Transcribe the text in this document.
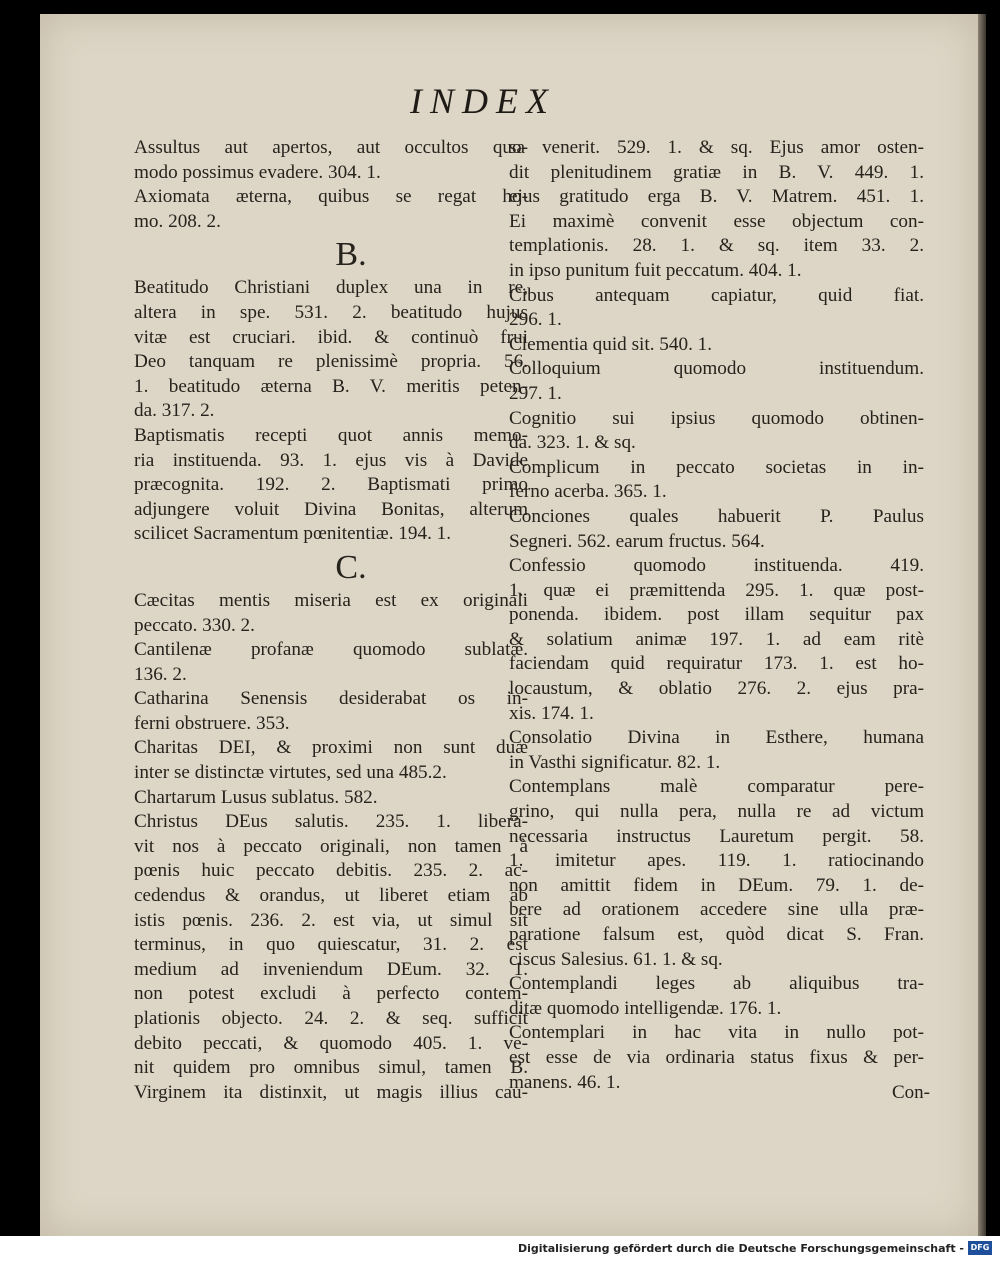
INDEX
Assultus aut apertos, aut occultos quo-
modo possimus evadere. 304. 1.
Axiomata æterna, quibus se regat ho-
mo. 208. 2.
B.
Beatitudo Christiani duplex una in re,
altera in spe. 531. 2. beatitudo hujus
vitæ est cruciari. ibid. & continuò frui
Deo tanquam re plenissimè propria. 56.
1. beatitudo æterna B. V. meritis peten-
da. 317. 2.
Baptismatis recepti quot annis memo-
ria instituenda. 93. 1. ejus vis à Davide
præcognita. 192. 2. Baptismati primo
adjungere voluit Divina Bonitas, alterum
scilicet Sacramentum pœnitentiæ. 194. 1.
C.
Cæcitas mentis miseria est ex originali
peccato. 330. 2.
Cantilenæ profanæ quomodo sublatæ.
136. 2.
Catharina Senensis desiderabat os in-
ferni obstruere. 353.
Charitas DEI, & proximi non sunt duæ
inter se distinctæ virtutes, sed una 485.2.
Chartarum Lusus sublatus. 582.
Christus DEus salutis. 235. 1. libera-
vit nos à peccato originali, non tamen à
pœnis huic peccato debitis. 235. 2. ac-
cedendus & orandus, ut liberet etiam ab
istis pœnis. 236. 2. est via, ut simul sit
terminus, in quo quiescatur, 31. 2. est
medium ad inveniendum DEum. 32. 1.
non potest excludi à perfecto contem-
plationis objecto. 24. 2. & seq. sufficit
debito peccati, & quomodo 405. 1. ve-
nit quidem pro omnibus simul, tamen B.
Virginem ita distinxit, ut magis illius cau-
sa venerit. 529. 1. & sq. Ejus amor osten-
dit plenitudinem gratiæ in B. V. 449. 1.
ejus gratitudo erga B. V. Matrem. 451. 1.
Ei maximè convenit esse objectum con-
templationis. 28. 1. & sq. item 33. 2.
in ipso punitum fuit peccatum. 404. 1.
Cibus antequam capiatur, quid fiat.
296. 1.
Clementia quid sit. 540. 1.
Colloquium quomodo instituendum.
297. 1.
Cognitio sui ipsius quomodo obtinen-
da. 323. 1. & sq.
Complicum in peccato societas in in-
ferno acerba. 365. 1.
Conciones quales habuerit P. Paulus
Segneri. 562. earum fructus. 564.
Confessio quomodo instituenda. 419.
1. quæ ei præmittenda 295. 1. quæ post-
ponenda. ibidem. post illam sequitur pax
& solatium animæ 197. 1. ad eam ritè
faciendam quid requiratur 173. 1. est ho-
locaustum, & oblatio 276. 2. ejus pra-
xis. 174. 1.
Consolatio Divina in Esthere, humana
in Vasthi significatur. 82. 1.
Contemplans malè comparatur pere-
grino, qui nulla pera, nulla re ad victum
necessaria instructus Lauretum pergit. 58.
1. imitetur apes. 119. 1. ratiocinando
non amittit fidem in DEum. 79. 1. de-
bere ad orationem accedere sine ulla præ-
paratione falsum est, quòd dicat S. Fran.
ciscus Salesius. 61. 1. & sq.
Contemplandi leges ab aliquibus tra-
ditæ quomodo intelligendæ. 176. 1.
Contemplari in hac vita in nullo pot-
est esse de via ordinaria status fixus & per-
manens. 46. 1.	Con-
Digitalisierung gefördert durch die Deutsche Forschungsgemeinschaft - DFG
